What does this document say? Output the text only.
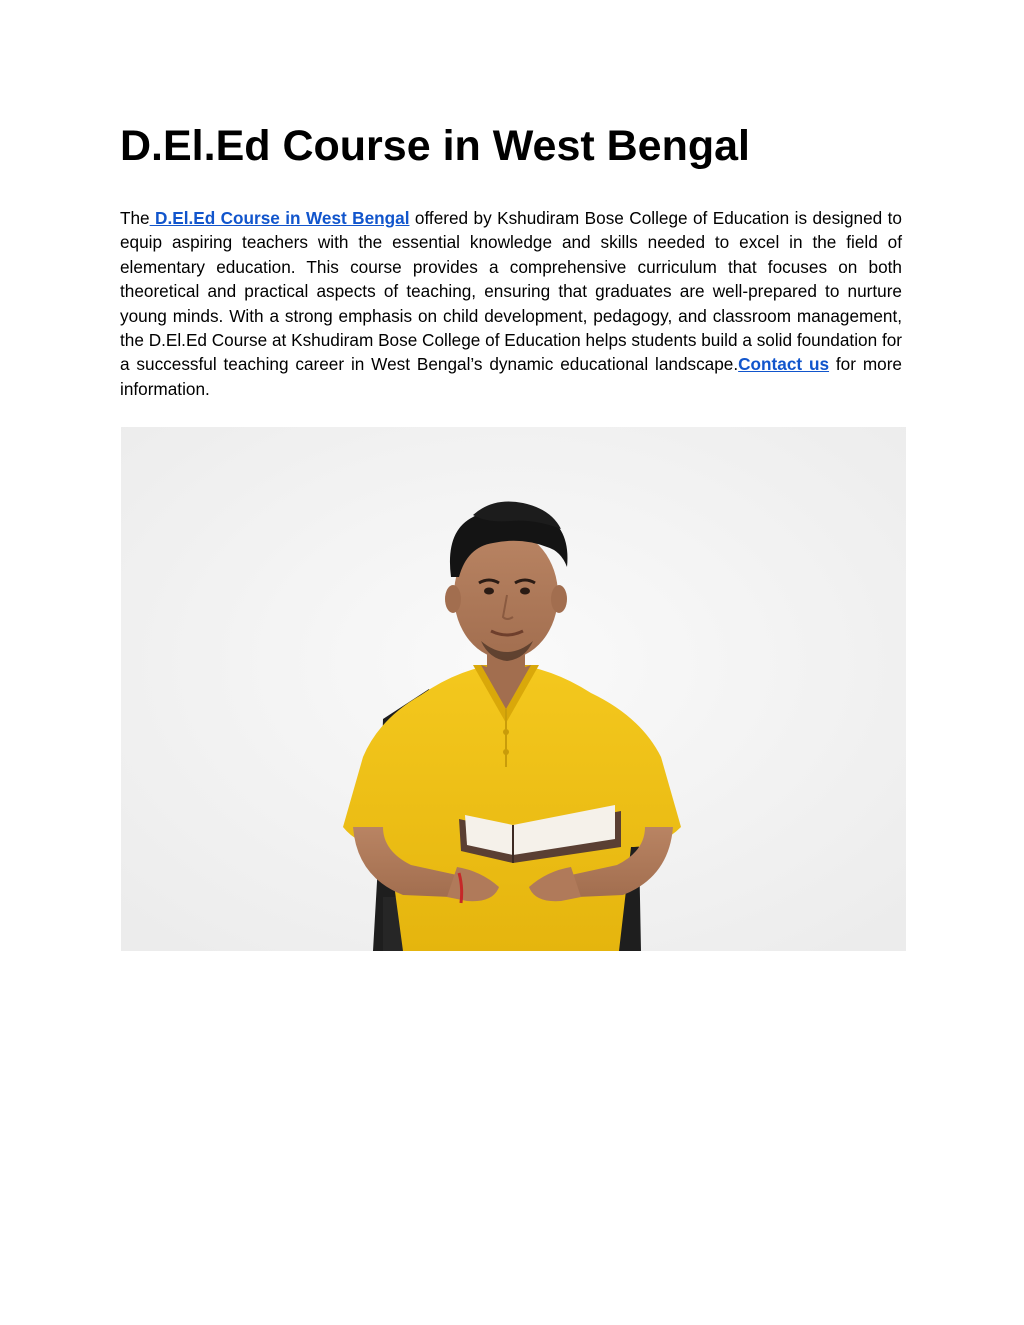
D.El.Ed Course in West Bengal

The D.El.Ed Course in West Bengal offered by Kshudiram Bose College of Education is designed to equip aspiring teachers with the essential knowledge and skills needed to excel in the field of elementary education. This course provides a comprehensive curriculum that focuses on both theoretical and practical aspects of teaching, ensuring that graduates are well-prepared to nurture young minds. With a strong emphasis on child development, pedagogy, and classroom management, the D.El.Ed Course at Kshudiram Bose College of Education helps students build a solid foundation for a successful teaching career in West Bengal’s dynamic educational landscape.Contact us for more information.
